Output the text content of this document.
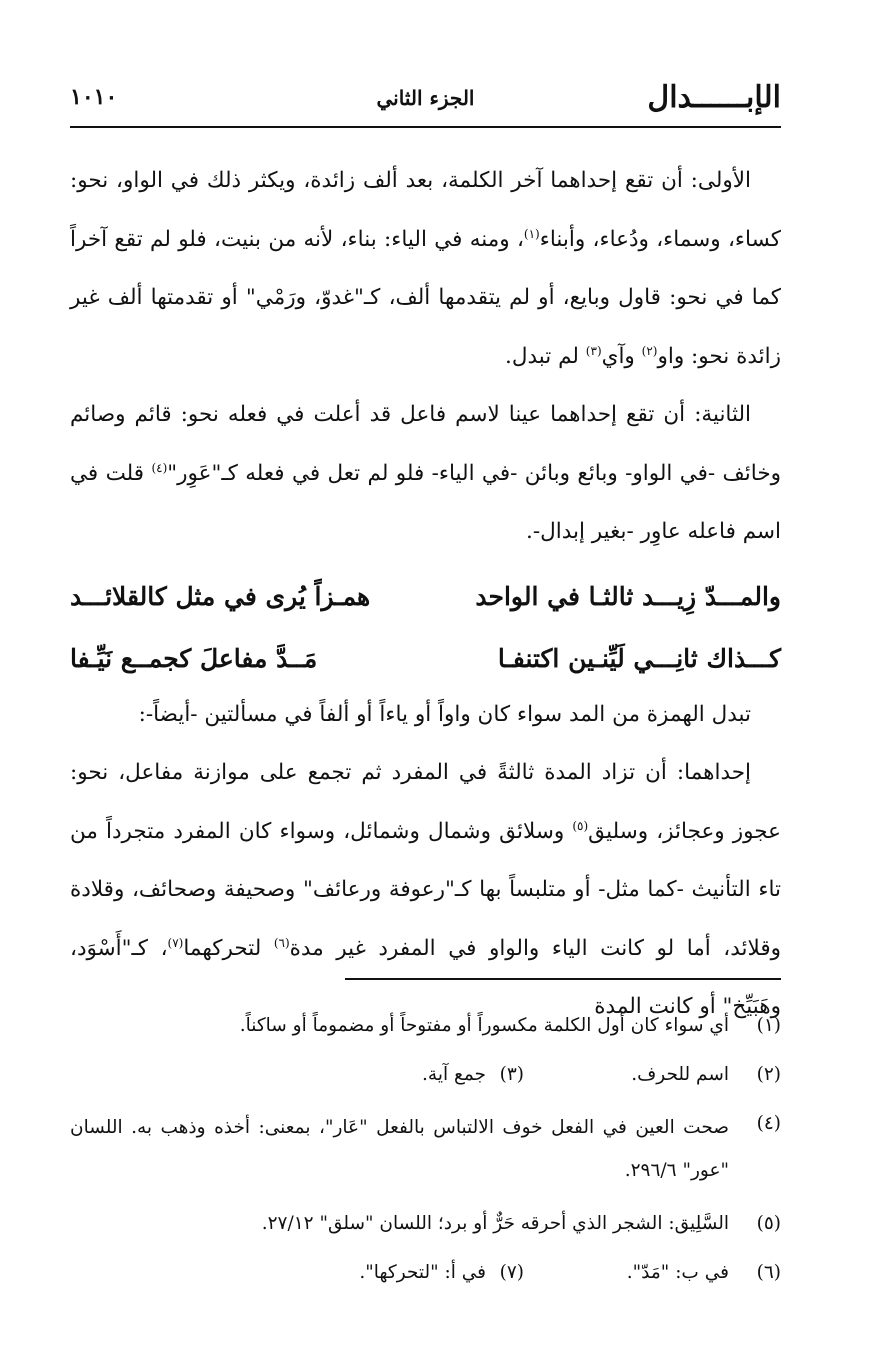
الإبــــــدال
الجزء الثاني
١٠١٠

الأولى: أن تقع إحداهما آخر الكلمة، بعد ألف زائدة، ويكثر ذلك في الواو، نحو: كساء، وسماء، ودُعاء، وأبناء$^{(١)}$، ومنه في الياء: بناء، لأنه من بنيت، فلو لم تقع آخراً كما في نحو: قاول وبايع، أو لم يتقدمها ألف، كـ"غدوّ، ورَمْي" أو تقدمتها ألف غير زائدة نحو: واو$^{(٢)}$ وآي$^{(٣)}$ لم تبدل.

الثانية: أن تقع إحداهما عينا لاسم فاعل قد أعلت في فعله نحو: قائم وصائم وخائف -في الواو- وبائع وبائن -في الياء- فلو لم تعل في فعله كـ"عَوِر"$^{(٤)}$ قلت في اسم فاعله عاوِر -بغير إبدال-.

والمـــدّ زِيـــد ثالثـا في الواحد
همـزاً يُرى في مثل كالقلائـــد
كـــذاك ثانِـــي لَيِّنـين اكتنفـا
مَــدَّ مفاعلَ كجمــع نَيِّـفا

تبدل الهمزة من المد سواء كان واواً أو ياءاً أو ألفاً في مسألتين -أيضاً-:

إحداهما: أن تزاد المدة ثالثةً في المفرد ثم تجمع على موازنة مفاعل، نحو: عجوز وعجائز، وسليق$^{(٥)}$ وسلائق وشمال وشمائل، وسواء كان المفرد متجرداً من تاء التأنيث -كما مثل- أو متلبساً بها كـ"رعوفة ورعائف" وصحيفة وصحائف، وقلادة وقلائد، أما لو كانت الياء والواو في المفرد غير مدة$^{(٦)}$ لتحركهما$^{(٧)}$، كـ"أَسْوَد، وهَبَيِّخ" أو كانت المدة

(١)
أي سواء كان أول الكلمة مكسوراً أو مفتوحاً أو مضموماً أو ساكناً.
(٢)
اسم للحرف.
(٣)
جمع آية.
(٤)
صحت العين في الفعل خوف الالتباس بالفعل "عَار"، بمعنى: أخذه وذهب به. اللسان "عور" ٢٩٦/٦.
(٥)
السَّلِيق: الشجر الذي أحرقه حَرٌّ أو برد؛ اللسان "سلق" ٢٧/١٢.
(٦)
في ب: "مَدّ".
(٧)
في أ: "لتحركها".
